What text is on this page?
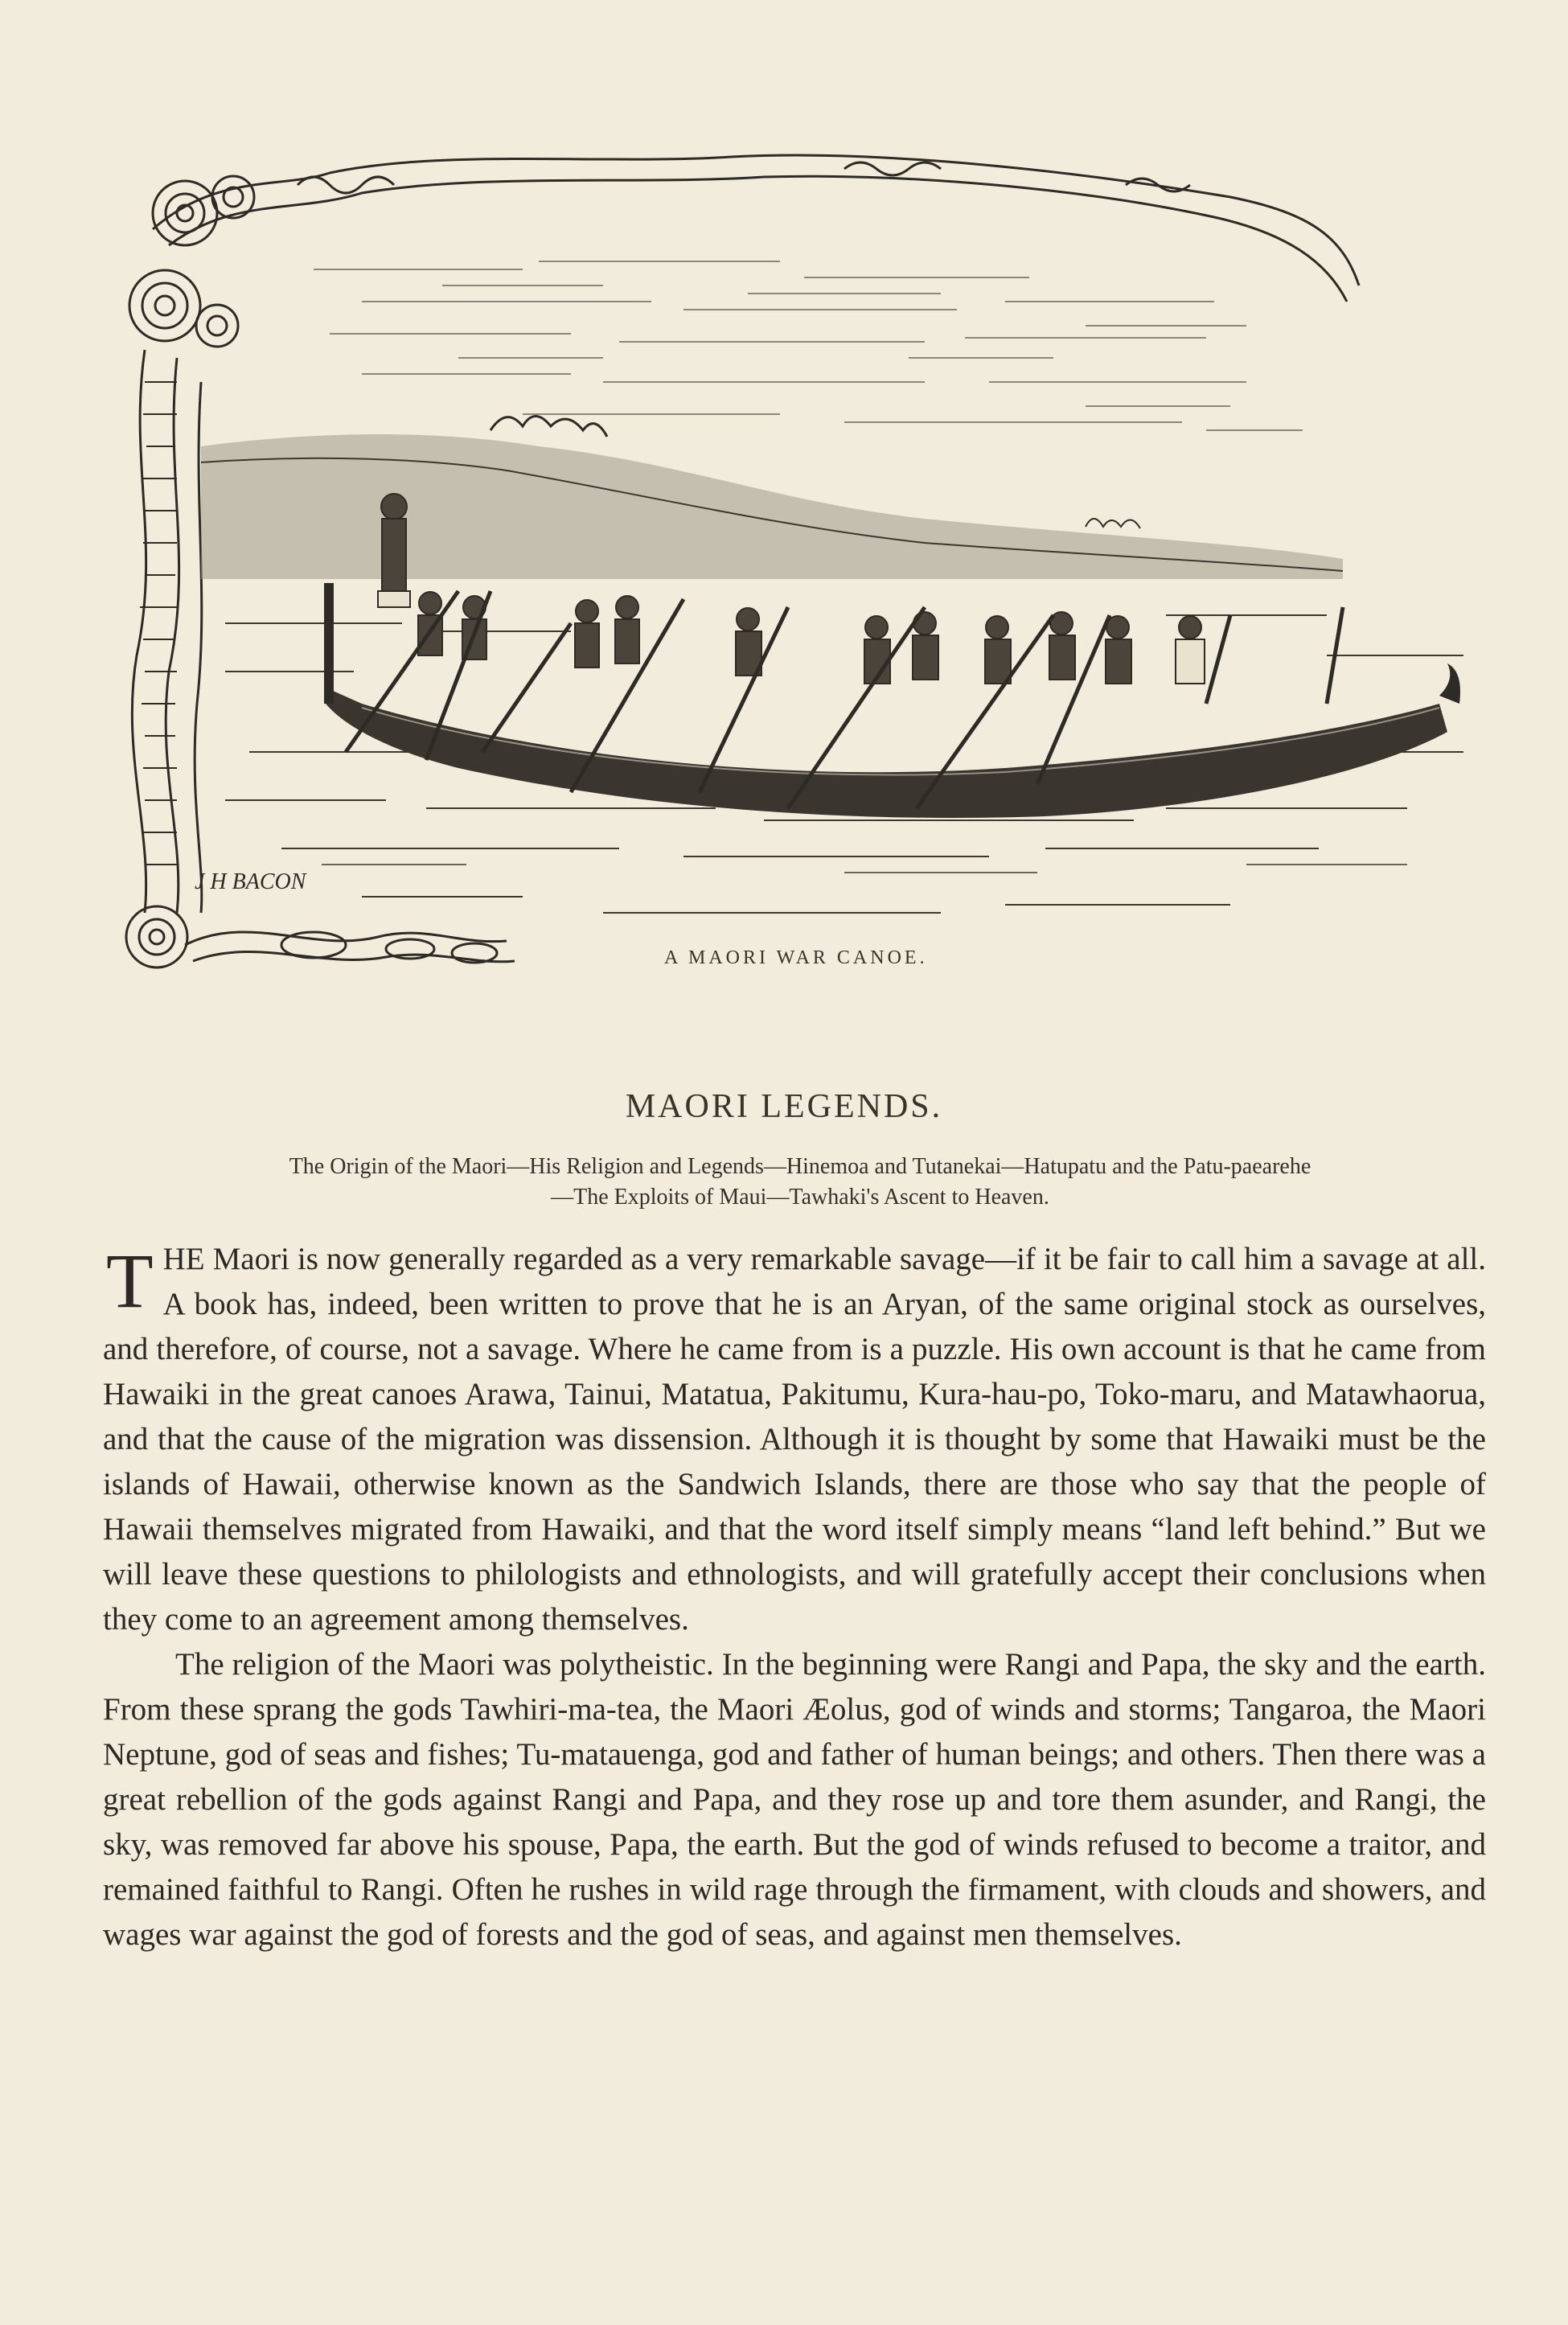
J H BACON
A MAORI WAR CANOE.
MAORI LEGENDS.
The Origin of the Maori—His Religion and Legends—Hinemoa and Tutanekai—Hatupatu and the Patu-paearehe
—The Exploits of Maui—Tawhaki's Ascent to Heaven.

THE Maori is now generally regarded as a very remarkable savage—if it be fair to call him a savage at all. A book has, indeed, been written to prove that he is an Aryan, of the same original stock as ourselves, and therefore, of course, not a savage. Where he came from is a puzzle. His own account is that he came from Hawaiki in the great canoes Arawa, Tainui, Matatua, Pakitumu, Kura-hau-po, Toko-maru, and Matawhaorua, and that the cause of the migration was dissension. Although it is thought by some that Hawaiki must be the islands of Hawaii, otherwise known as the Sandwich Islands, there are those who say that the people of Hawaii themselves migrated from Hawaiki, and that the word itself simply means “land left behind.” But we will leave these questions to philologists and ethnologists, and will gratefully accept their conclusions when they come to an agreement among themselves.

The religion of the Maori was polytheistic. In the beginning were Rangi and Papa, the sky and the earth. From these sprang the gods Tawhiri-ma-tea, the Maori Æolus, god of winds and storms; Tangaroa, the Maori Neptune, god of seas and fishes; Tu-matauenga, god and father of human beings; and others. Then there was a great rebellion of the gods against Rangi and Papa, and they rose up and tore them asunder, and Rangi, the sky, was removed far above his spouse, Papa, the earth. But the god of winds refused to become a traitor, and remained faithful to Rangi. Often he rushes in wild rage through the firmament, with clouds and showers, and wages war against the god of forests and the god of seas, and against men themselves.
